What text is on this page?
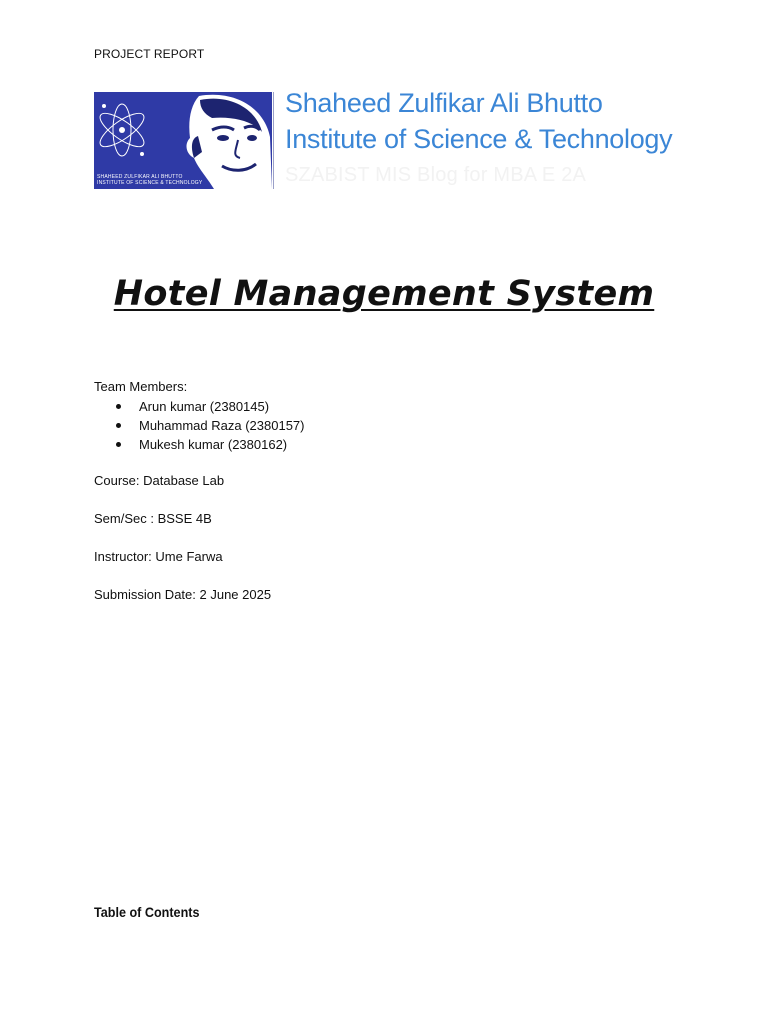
PROJECT REPORT
SHAHEED ZULFIKAR ALI BHUTTO
INSTITUTE OF SCIENCE & TECHNOLOGY
Shaheed Zulfikar Ali Bhutto
Institute of Science & Technology
SZABIST MIS Blog for MBA E 2A
Hotel Management System
Team Members:
Arun kumar (2380145)
Muhammad Raza (2380157)
Mukesh kumar (2380162)
Course: Database Lab
Sem/Sec : BSSE 4B
Instructor: Ume Farwa
Submission Date: 2 June 2025
Table of Contents
